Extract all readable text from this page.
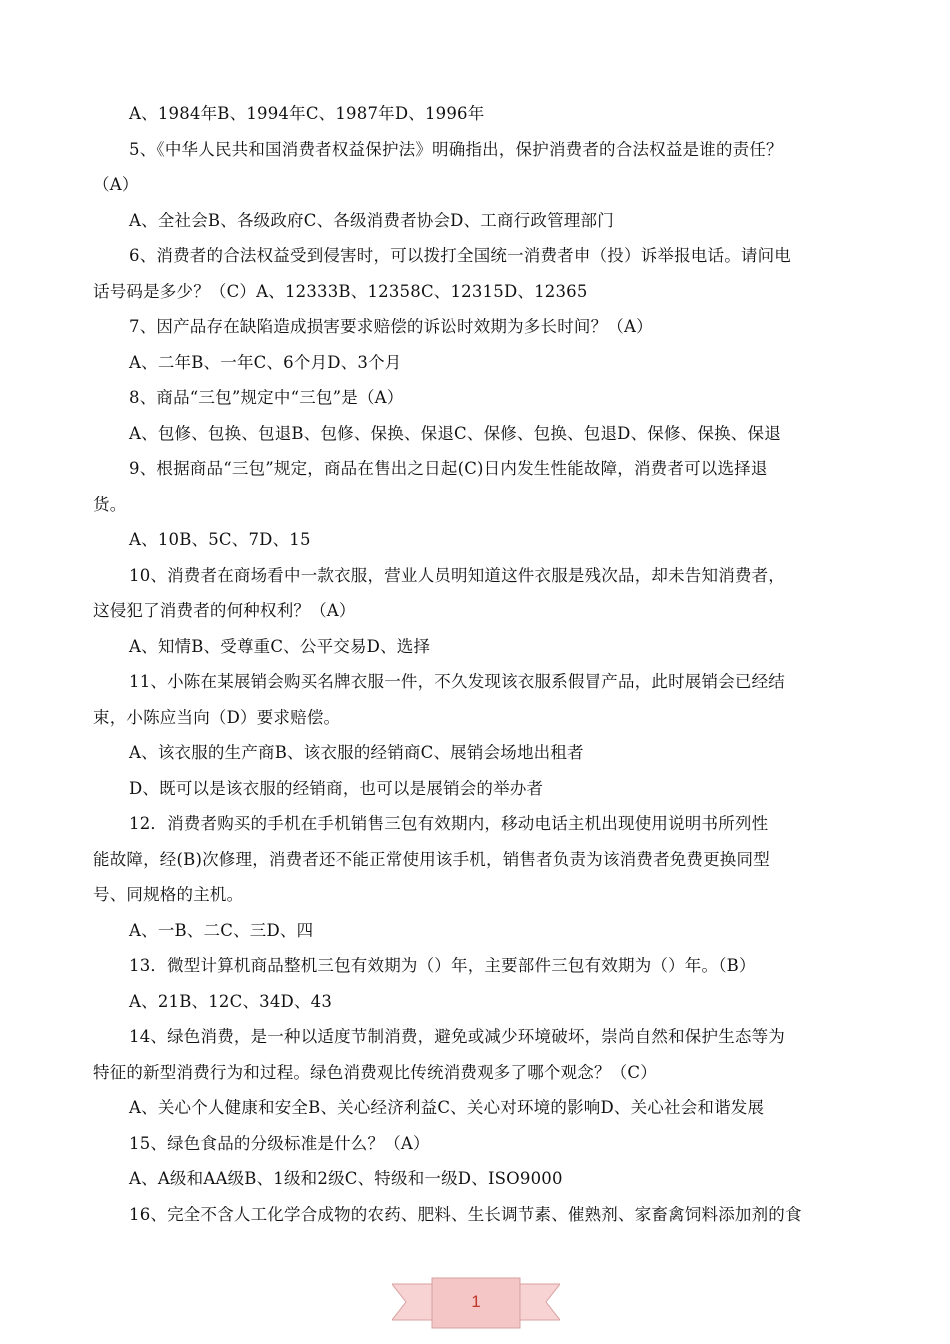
A、1984年B、1994年C、1987年D、1996年
5、《中华人民共和国消费者权益保护法》明确指出，保护消费者的合法权益是谁的责任？
（A）
A、全社会B、各级政府C、各级消费者协会D、工商行政管理部门
6、消费者的合法权益受到侵害时，可以拨打全国统一消费者申（投）诉举报电话。请问电
话号码是多少？（C）A、12333B、12358C、12315D、12365
7、因产品存在缺陷造成损害要求赔偿的诉讼时效期为多长时间？（A）
A、二年B、一年C、6个月D、3个月
8、商品“三包”规定中“三包”是（A）
A、包修、包换、包退B、包修、保换、保退C、保修、包换、包退D、保修、保换、保退
9、根据商品“三包”规定，商品在售出之日起(C)日内发生性能故障，消费者可以选择退
货。
A、10B、5C、7D、15
10、消费者在商场看中一款衣服，营业人员明知道这件衣服是残次品，却未告知消费者，
这侵犯了消费者的何种权利？（A）
A、知情B、受尊重C、公平交易D、选择
11、小陈在某展销会购买名牌衣服一件，不久发现该衣服系假冒产品，此时展销会已经结
束，小陈应当向（D）要求赔偿。
A、该衣服的生产商B、该衣服的经销商C、展销会场地出租者
D、既可以是该衣服的经销商，也可以是展销会的举办者
12．消费者购买的手机在手机销售三包有效期内，移动电话主机出现使用说明书所列性
能故障，经(B)次修理，消费者还不能正常使用该手机，销售者负责为该消费者免费更换同型
号、同规格的主机。
A、一B、二C、三D、四
13．微型计算机商品整机三包有效期为（）年，主要部件三包有效期为（）年。（B）
A、21B、12C、34D、43
14、绿色消费，是一种以适度节制消费，避免或减少环境破坏，崇尚自然和保护生态等为
特征的新型消费行为和过程。绿色消费观比传统消费观多了哪个观念？（C）
A、关心个人健康和安全B、关心经济利益C、关心对环境的影响D、关心社会和谐发展
15、绿色食品的分级标准是什么？（A）
A、A级和AA级B、1级和2级C、特级和一级D、ISO9000
16、完全不含人工化学合成物的农药、肥料、生长调节素、催熟剂、家畜禽饲料添加剂的食
1
